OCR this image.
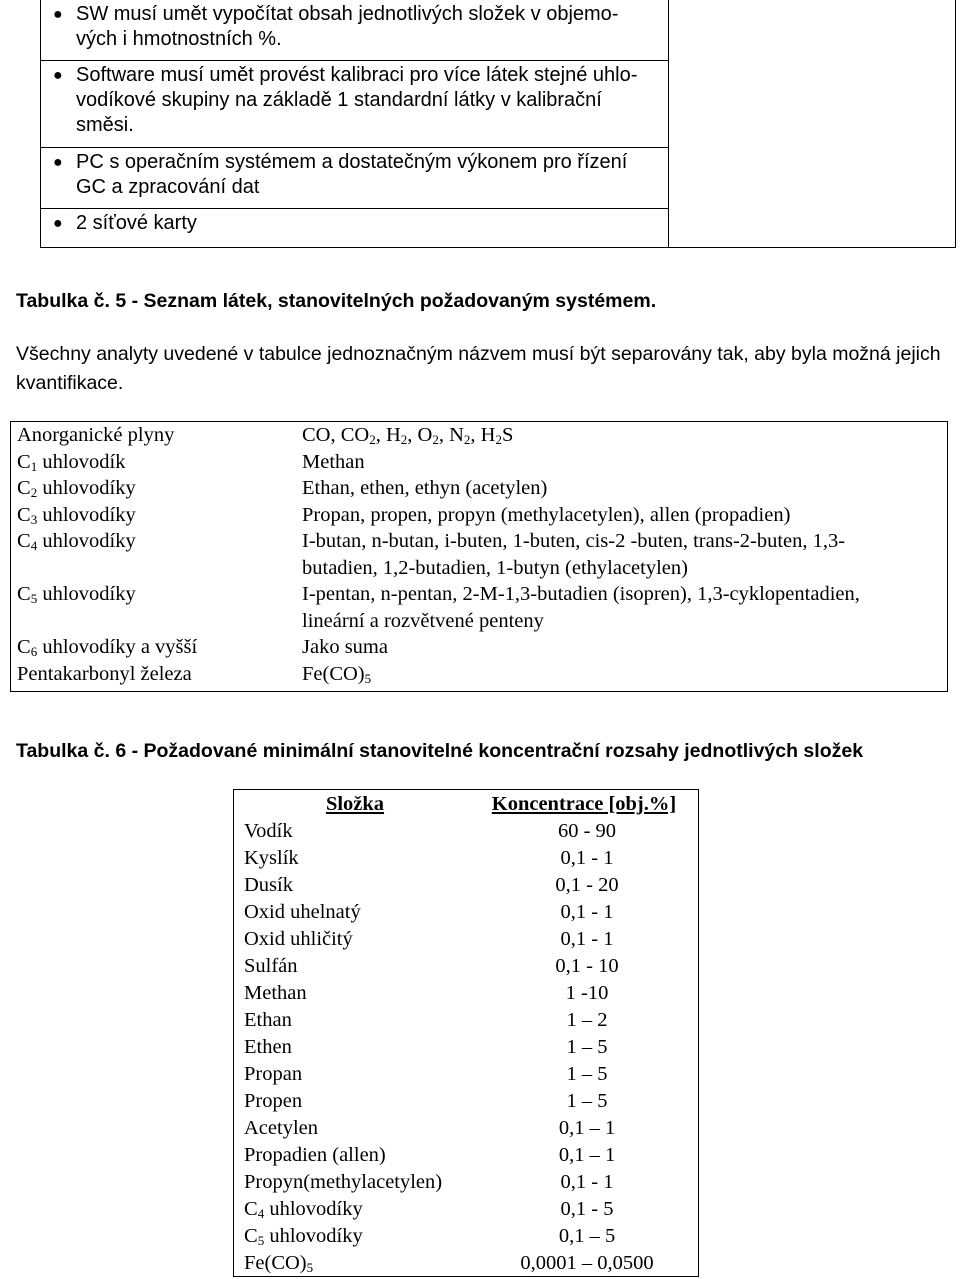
● SW musí umět vypočítat obsah jednotlivých složek v objemo-
vých i hmotnostních %.

● Software musí umět provést kalibraci pro více látek stejné uhlo-
vodíkové skupiny na základě 1 standardní látky v kalibrační
směsi.

● PC s operačním systémem a dostatečným výkonem pro řízení
GC a zpracování dat

● 2 síťové karty
Tabulka č. 5 - Seznam látek, stanovitelných požadovaným systémem.
Všechny analyty uvedené v tabulce jednoznačným názvem musí být separovány tak, aby byla možná jejich kvantifikace.
Anorganické plyny	CO, $CO_2$, $H_2$, $O_2$, $N_2$, $H_2S$
$C_1$ uhlovodík	Methan
$C_2$ uhlovodíky	Ethan, ethen, ethyn (acetylen)
$C_3$ uhlovodíky	Propan, propen, propyn (methylacetylen), allen (propadien)
$C_4$ uhlovodíky	I-butan, n-butan, i-buten, 1-buten, cis-2 -buten, trans-2-buten, 1,3-butadien, 1,2-butadien, 1-butyn (ethylacetylen)
$C_5$ uhlovodíky	I-pentan, n-pentan, 2-M-1,3-butadien (isopren), 1,3-cyklopentadien, lineární a rozvětvené penteny
$C_6$ uhlovodíky a vyšší	Jako suma
Pentakarbonyl železa	$Fe(CO)_5$
Tabulka č. 6 - Požadované minimální stanovitelné koncentrační rozsahy jednotlivých složek
Složka	Koncentrace [obj.%]
Vodík	60 - 90
Kyslík	0,1 - 1
Dusík	0,1 - 20
Oxid uhelnatý	0,1 - 1
Oxid uhličitý	0,1 - 1
Sulfán	0,1 - 10
Methan	1 -10
Ethan	1 – 2
Ethen	1 – 5
Propan	1 – 5
Propen	1 – 5
Acetylen	0,1 – 1
Propadien (allen)	0,1 – 1
Propyn(methylacetylen)	0,1 - 1
$C_4$ uhlovodíky	0,1 - 5
$C_5$ uhlovodíky	0,1 – 5
$Fe(CO)_5$	0,0001 – 0,0500
